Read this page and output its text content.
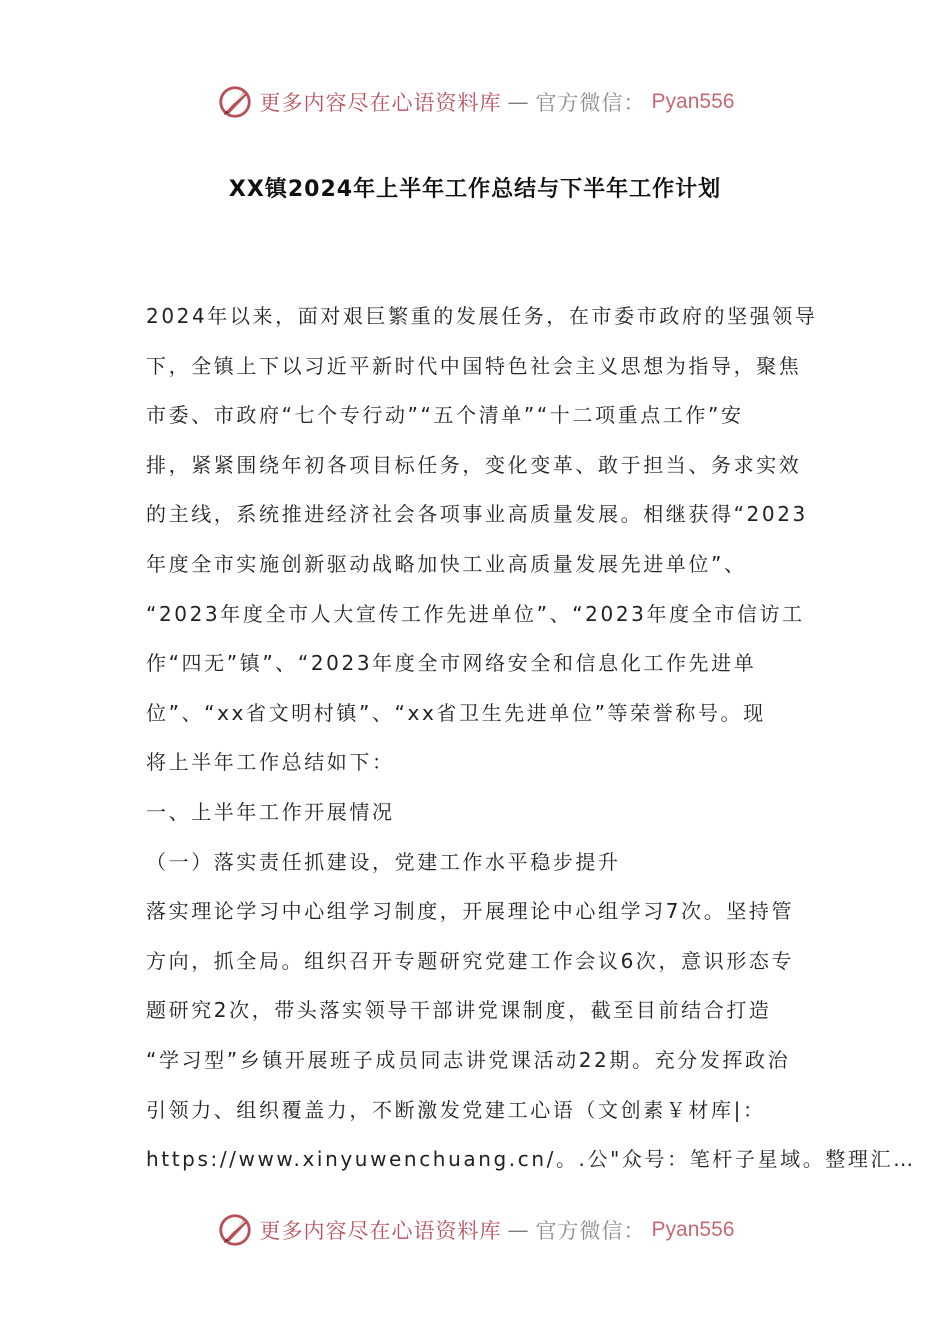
更多内容尽在心语资料库 — 官方微信： Pyan556
XX镇2024年上半年工作总结与下半年工作计划
2024年以来，面对艰巨繁重的发展任务，在市委市政府的坚强领导
下，全镇上下以习近平新时代中国特色社会主义思想为指导，聚焦
市委、市政府“七个专行动”“五个清单”“十二项重点工作”安
排，紧紧围绕年初各项目标任务，变化变革、敢于担当、务求实效
的主线，系统推进经济社会各项事业高质量发展。相继获得“2023
年度全市实施创新驱动战略加快工业高质量发展先进单位”、
“2023年度全市人大宣传工作先进单位”、“2023年度全市信访工
作“四无”镇”、“2023年度全市网络安全和信息化工作先进单
位”、“xx省文明村镇”、“xx省卫生先进单位”等荣誉称号。现
将上半年工作总结如下：
一、上半年工作开展情况
（一）落实责任抓建设，党建工作水平稳步提升
落实理论学习中心组学习制度，开展理论中心组学习7次。坚持管
方向，抓全局。组织召开专题研究党建工作会议6次，意识形态专
题研究2次，带头落实领导干部讲党课制度，截至目前结合打造
“学习型”乡镇开展班子成员同志讲党课活动22期。充分发挥政治
引领力、组织覆盖力，不断激发党建工心语（文创素￥材库|：
https://www.xinyuwenchuang.cn/。.公"众号：笔杆子星域。整理汇…
更多内容尽在心语资料库 — 官方微信： Pyan556
